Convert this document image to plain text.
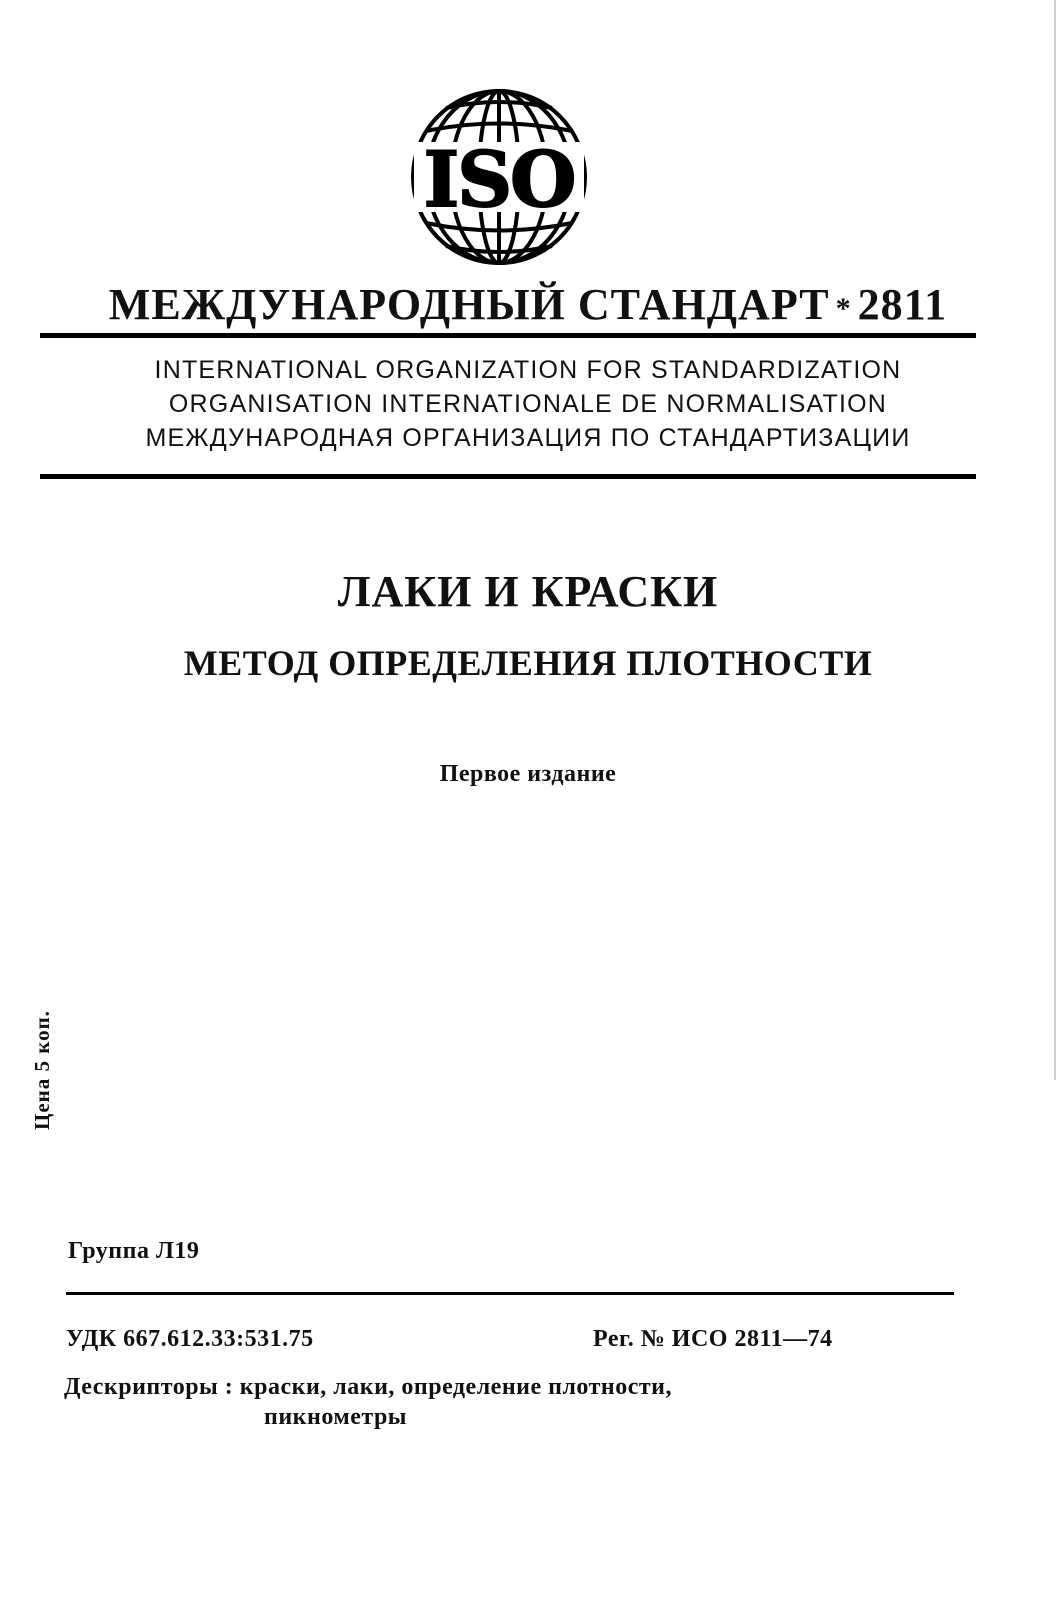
ISO
МЕЖДУНАРОДНЫЙ СТАНДАРТ * 2811
INTERNATIONAL ORGANIZATION FOR STANDARDIZATION
ORGANISATION INTERNATIONALE DE NORMALISATION
МЕЖДУНАРОДНАЯ ОРГАНИЗАЦИЯ ПО СТАНДАРТИЗАЦИИ
ЛАКИ И КРАСКИ
МЕТОД ОПРЕДЕЛЕНИЯ ПЛОТНОСТИ
Первое издание
Цена 5 коп.
Группа Л19
УДК 667.612.33:531.75	Рег. № ИСО 2811—74
Дескрипторы : краски, лаки, определение плотности,
пикнометры
